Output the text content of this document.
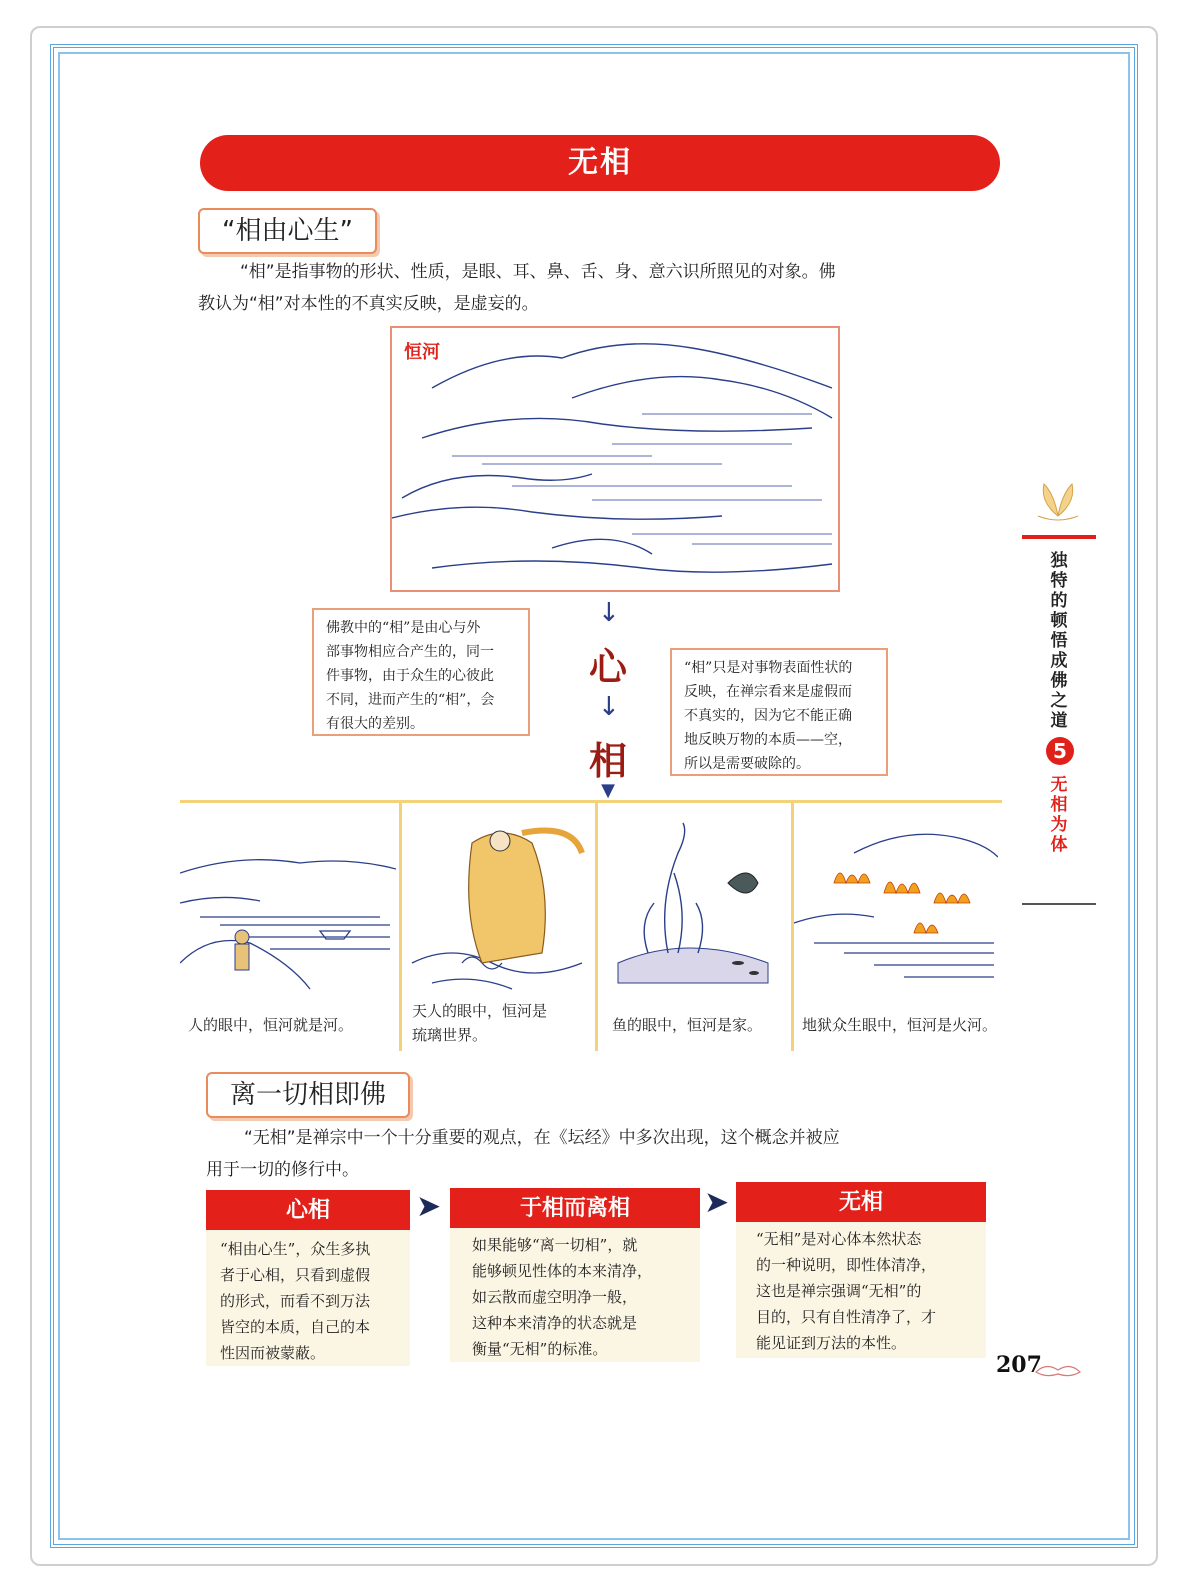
无相
“相由心生”
“相”是指事物的形状、性质，是眼、耳、鼻、舌、身、意六识所照见的对象。佛
教认为“相”对本性的不真实反映，是虚妄的。
恒河
↓
心
↓
相
▼
佛教中的“相”是由心与外
部事物相应合产生的，同一
件事物，由于众生的心彼此
不同，进而产生的“相”，会
有很大的差别。
“相”只是对事物表面性状的
反映，在禅宗看来是虚假而
不真实的，因为它不能正确
地反映万物的本质——空，
所以是需要破除的。
人的眼中，恒河就是河。
天人的眼中，恒河是
琉璃世界。
鱼的眼中，恒河是家。	地狱众生眼中，恒河是火河。
独
特
的
顿
悟
成
佛
之
道
5
无
相
为
体
离一切相即佛
“无相”是禅宗中一个十分重要的观点，在《坛经》中多次出现，这个概念并被应
用于一切的修行中。
心相
“相由心生”，众生多执
者于心相，只看到虚假
的形式，而看不到万法
皆空的本质，自己的本
性因而被蒙蔽。
➤	于相而离相
如果能够“离一切相”，就
能够顿见性体的本来清净，
如云散而虚空明净一般，
这种本来清净的状态就是
衡量“无相”的标准。
➤	无相
“无相”是对心体本然状态
的一种说明，即性体清净，
这也是禅宗强调“无相”的
目的，只有自性清净了，才
能见证到万法的本性。
207
